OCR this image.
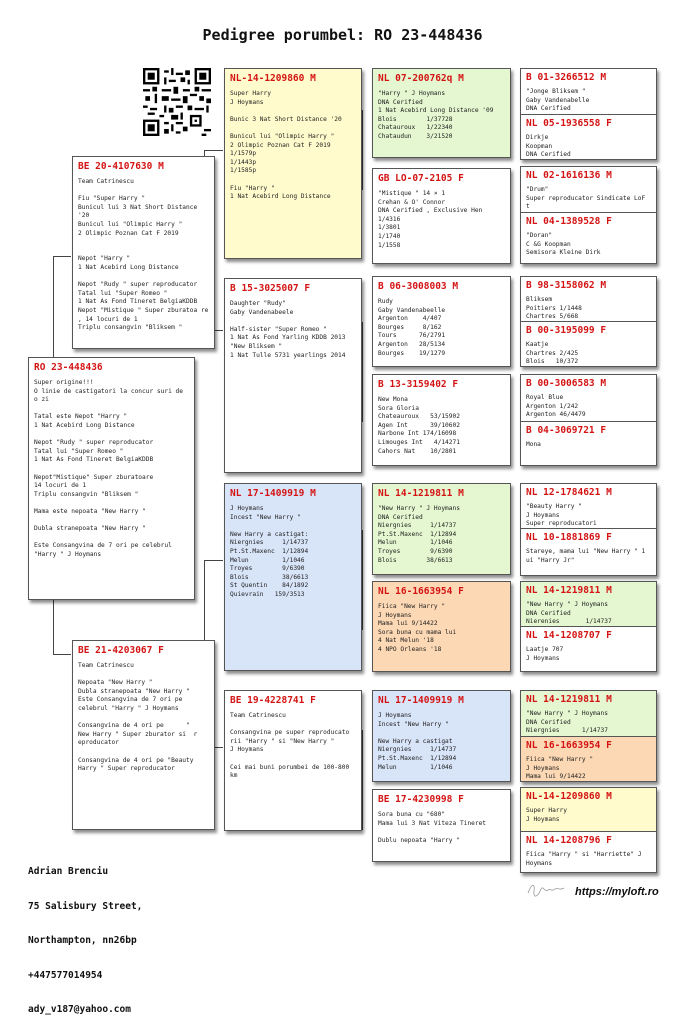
Pedigree porumbel: RO 23-448436
RO 23-448436
Super origine!!!
O linie de castigatori la concur suri de o zi

Tatal este Nepot "Harry "
1 Nat Acebird Long Distance

Nepot "Rudy " super reproducator
Tatal lui "Super Romeo "
1 Nat As Fond Tineret BelgiaKDDB

Nepot"Mistique" Super zburatoare
14 locuri de 1
Triplu consangvin "Bliksem "

Mama este nepoata "New Harry "

Dubla stranepoata "New Harry "

Este Consangvina de 7 ori pe celebrul "Harry " J Hoymans
BE 20-4107630 M
Team Catrinescu

Fiu "Super Harry "
Bunicul lui 3 Nat Short Distance '20
Bunicul lui "Olimpic Harry "
2 Olimpic Poznan Cat F 2019

Nepot "Harry "
1 Nat Acebird Long Distance

Nepot "Rudy " super reproducator
Tatal lui "Super Romeo "
1 Nat As Fond Tineret BelgiaKDDB
Nepot "Mistique " Super zburatoa re , 14 locuri de 1
Triplu consangvin "Bliksem "
BE 21-4203067 F
Team Catrinescu

Nepoata "New Harry "
Dubla stranepoata "New Harry "
Este Consangvina de 7 ori pe celebrul "Harry " J Hoymans

Consangvina de 4 ori pe      "
New Harry " Super zburator si  r eproducator

Consangvina de 4 ori pe "Beauty Harry " Super reproducator
NL-14-1209860 M
Super Harry
J Hoymans

Bunic 3 Nat Short Distance '20

Bunicul lui "Olimpic Harry "
2 Olimpic Poznan Cat F 2019
1/1579p
1/1443p
1/1585p

Fiu "Harry "
1 Nat Acebird Long Distance
B 15-3025007 F
Daughter "Rudy"
Gaby Vandenabeele

Half-sister "Super Romeo "
1 Nat As Fond Yarling KDDB 2013
"New Bliksem "
1 Nat Tulle 5731 yearlings 2014
NL 17-1409919 M
J Hoymans
Incest "New Harry "

New Harry a castigat:
Niergnies     1/14737
Pt.St.Maxenc  1/12894
Melun         1/1046
Troyes        9/6390
Blois         38/6613
St Quentin    84/1892
Quievrain   159/3513
BE 19-4228741 F
Team Catrinescu

Consangvina pe super reproducato rii "Harry " si "New Harry "
J Hoymans

Cei mai buni porumbei de 100-800 km
NL 07-200762q M
"Harry " J Hoymans
DNA Cerified
1 Nat Acebird Long Distance '09
Blois        1/37728
Chatauroux   1/22340
Chataudun    3/21520
GB LO-07-2105 F
"Mistique " 14 × 1
Crehan & O' Connor
DNA Cerified , Exclusive Hen
1/4316
1/3801
1/1740
1/1558
B 06-3008003 M
Rudy
Gaby Vandenabeelle
Argenton    4/407
Bourges     8/162
Tours      76/2791
Argenton   28/5134
Bourges    19/1279
B 13-3159402 F
New Mona
Sora Gloria
Chateauroux   53/15902
Agen Int      39/10602
Narbone Int 174/16098
Limouges Int   4/14271
Cahors Nat    10/2801
NL 14-1219811 M
"New Harry " J Hoymans
DNA Cerified
Niergnies     1/14737
Pt.St.Maxenc  1/12894
Melun         1/1046
Troyes        9/6390
Blois        38/6613
NL 16-1663954 F
Fiica "New Harry "
J Hoymans
Mama lui 9/14422
Sora buna cu mama lui
4 Nat Melun '18
4 NPO Orleans '18
NL 17-1409919 M
J Hoymans
Incest "New Harry "

New Harry a castigat
Niergnies     1/14737
Pt.St.Maxenc  1/12894
Melun         1/1046
BE 17-4230998 F
Sora buna cu "680"
Mama lui 3 Nat Viteza Tineret

Dublu nepoata "Harry "
B 01-3266512 M
"Jonge Bliksem "
Gaby Vandenabelle
DNA Cerified
NL 05-1936558 F
Dirkje
Koopman
DNA Cerified
NL 02-1616136 M
"Drum"
Super reproducator Sindicate LoF t
NL 04-1389528 F
"Doran"
C &G Koopman
Semisora Kleine Dirk
B 98-3158062 M
Bliksem
Poitiers 1/1448
Chartres 5/668
B 00-3195099 F
Kaatje
Chartres 2/425
Blois   10/372
B 00-3006583 M
Royal Blue
Argenton 1/242
Argenton 46/4479
B 04-3069721 F
Mona
NL 12-1784621 M
"Beauty Harry "
J Hoymans
Super reproducatori
NL 10-1881869 F
Stareye, mama lui "New Harry " 1 ui "Harry Jr"
NL 14-1219811 M
"New Harry " J Hoymans
DNA Cerified
Nierenies       1/14737
NL 14-1208707 F
Laatje 707
J Hoymans
NL 14-1219811 M
"New Harry " J Hoymans
DNA Cerified
Niergnies      1/14737
NL 16-1663954 F
Fiica "New Harry "
J Hoymans
Mama lui 9/14422
NL-14-1209860 M
Super Harry
J Hoymans
NL 14-1208796 F
Fiica "Harry " si "Harriette" J Hoymans

Adrian Brenciu

75 Salisbury Street,

Northampton, nn26bp

+447577014954

ady_v187@yahoo.com

https://myloft.ro
